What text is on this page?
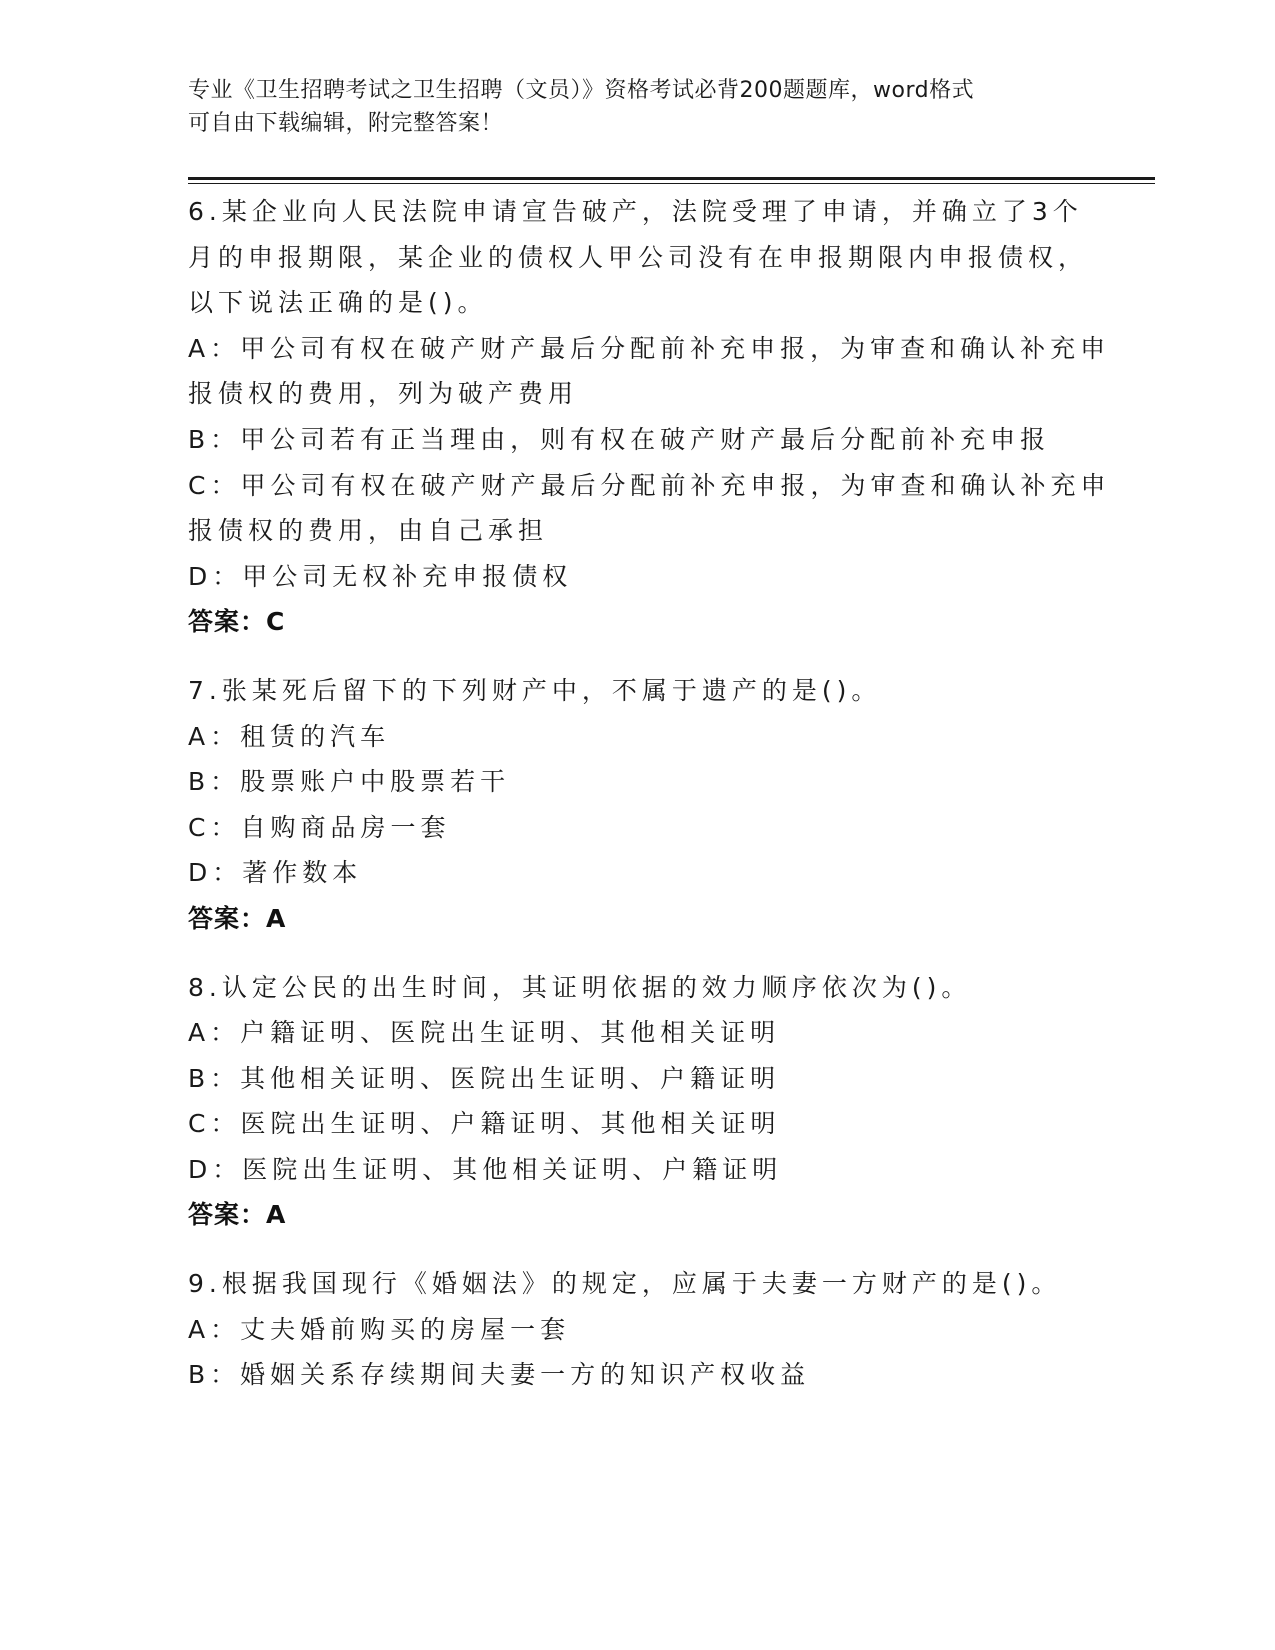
专业《卫生招聘考试之卫生招聘（文员）》资格考试必背200题题库，word格式
可自由下载编辑，附完整答案！
6.某企业向人民法院申请宣告破产，法院受理了申请，并确立了3个
月的申报期限，某企业的债权人甲公司没有在申报期限内申报债权，
以下说法正确的是()。
A：甲公司有权在破产财产最后分配前补充申报，为审查和确认补充申
报债权的费用，列为破产费用
B：甲公司若有正当理由，则有权在破产财产最后分配前补充申报
C：甲公司有权在破产财产最后分配前补充申报，为审查和确认补充申
报债权的费用，由自己承担
D：甲公司无权补充申报债权
答案：C
7.张某死后留下的下列财产中，不属于遗产的是()。
A：租赁的汽车
B：股票账户中股票若干
C：自购商品房一套
D：著作数本
答案：A
8.认定公民的出生时间，其证明依据的效力顺序依次为()。
A：户籍证明、医院出生证明、其他相关证明
B：其他相关证明、医院出生证明、户籍证明
C：医院出生证明、户籍证明、其他相关证明
D：医院出生证明、其他相关证明、户籍证明
答案：A
9.根据我国现行《婚姻法》的规定，应属于夫妻一方财产的是()。
A：丈夫婚前购买的房屋一套
B：婚姻关系存续期间夫妻一方的知识产权收益
